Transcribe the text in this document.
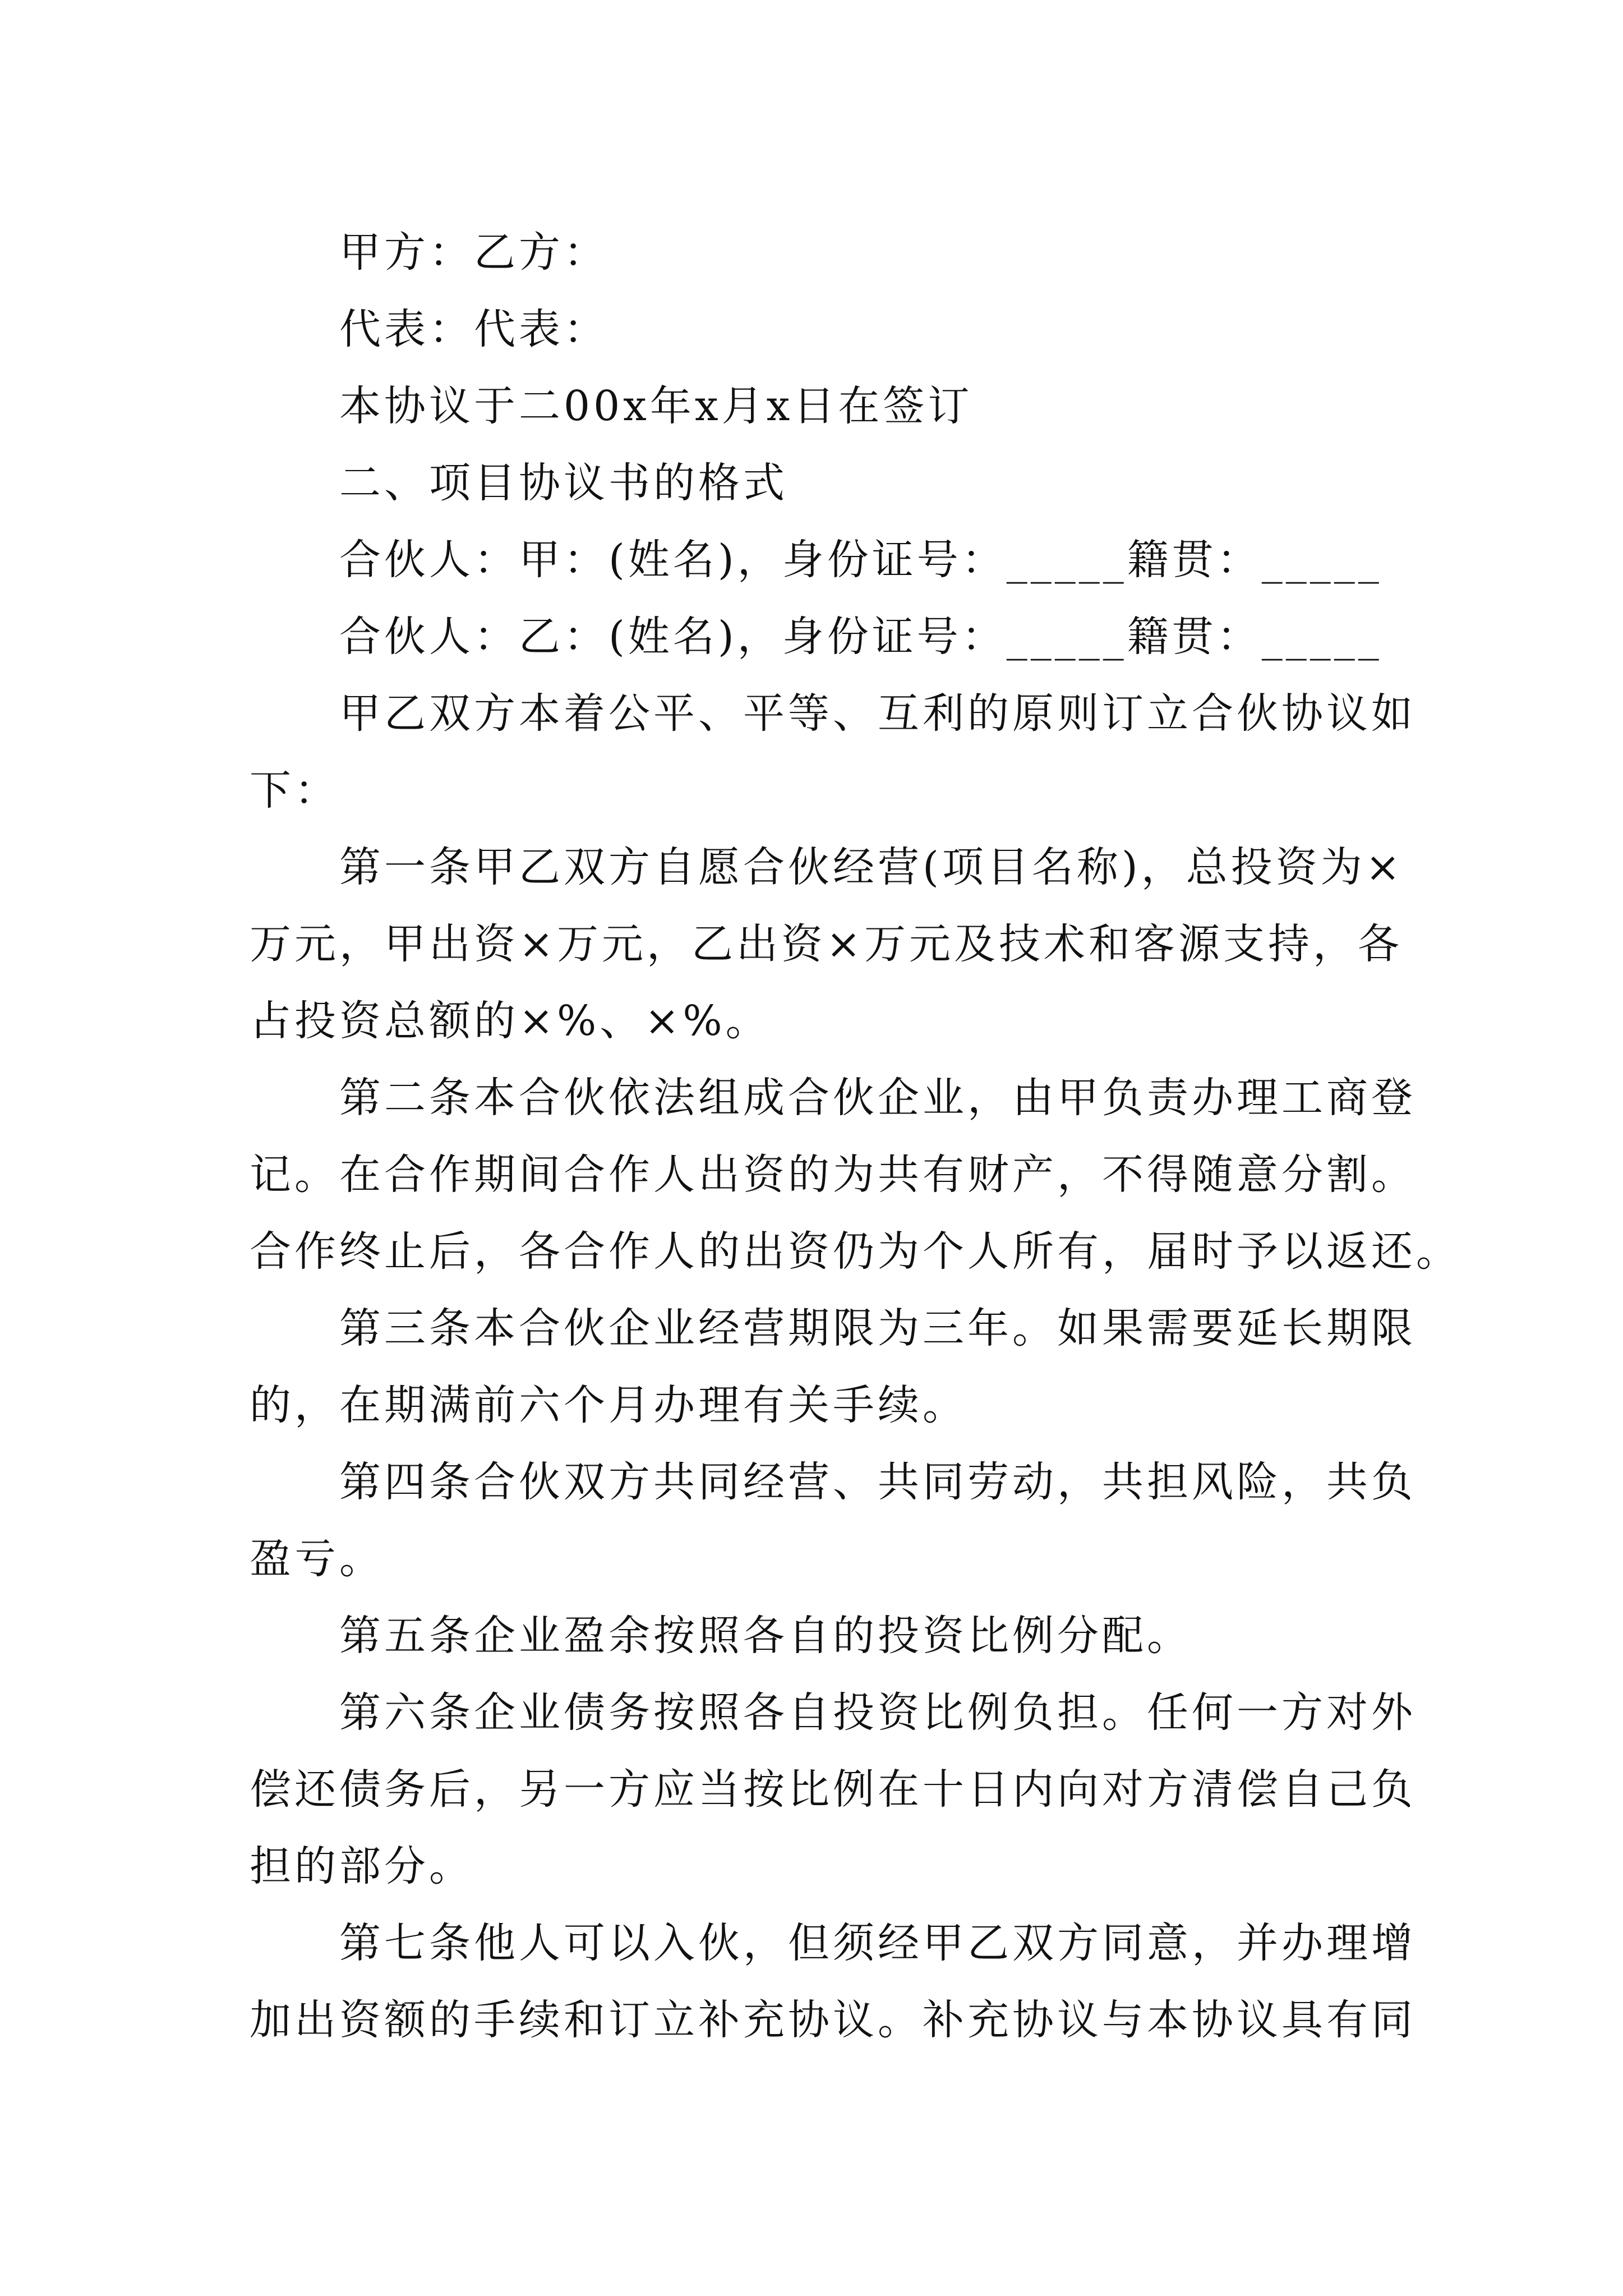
甲方：乙方：
代表：代表：
本协议于二00x年x月x日在签订
二、项目协议书的格式
合伙人：甲：(姓名)，身份证号：_____籍贯：_____
合伙人：乙：(姓名)，身份证号：_____籍贯：_____
甲乙双方本着公平、平等、互利的原则订立合伙协议如
下：
第一条甲乙双方自愿合伙经营(项目名称)，总投资为×
万元，甲出资×万元，乙出资×万元及技术和客源支持，各
占投资总额的×%、×%。
第二条本合伙依法组成合伙企业，由甲负责办理工商登
记。在合作期间合作人出资的为共有财产，不得随意分割。
合作终止后，各合作人的出资仍为个人所有，届时予以返还。
第三条本合伙企业经营期限为三年。如果需要延长期限
的，在期满前六个月办理有关手续。
第四条合伙双方共同经营、共同劳动，共担风险，共负
盈亏。
第五条企业盈余按照各自的投资比例分配。
第六条企业债务按照各自投资比例负担。任何一方对外
偿还债务后，另一方应当按比例在十日内向对方清偿自己负
担的部分。
第七条他人可以入伙，但须经甲乙双方同意，并办理增
加出资额的手续和订立补充协议。补充协议与本协议具有同
